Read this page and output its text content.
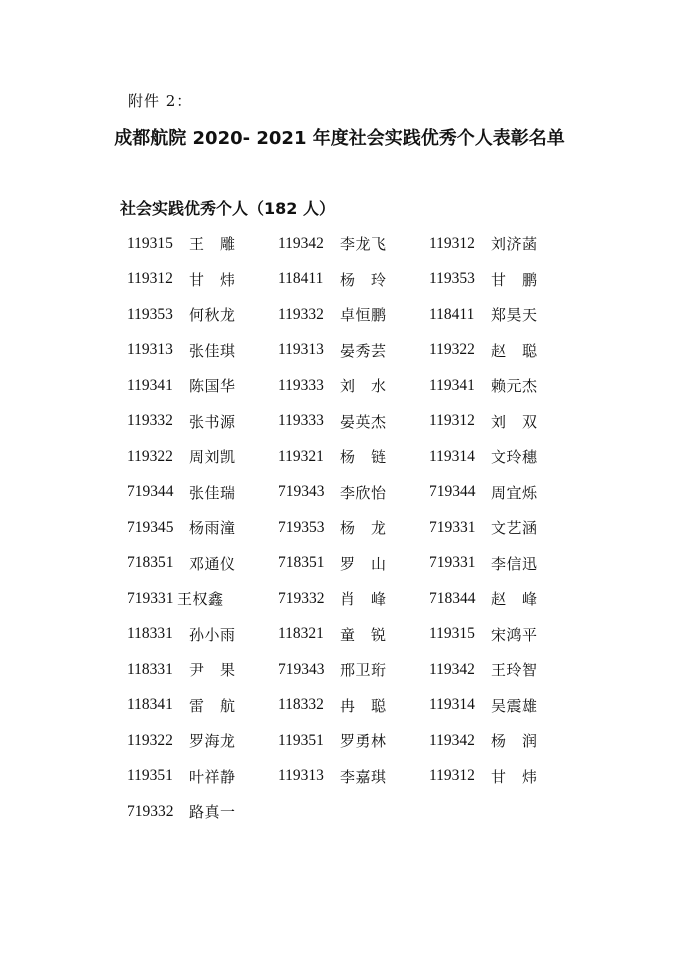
附件 2：
成都航院 2020- 2021 年度社会实践优秀个人表彰名单
社会实践优秀个人（182 人）
119315	王　雕	119342	李龙飞	119312	刘济菡
119312	甘　炜	118411	杨　玲	119353	甘　鹏
119353	何秋龙	119332	卓恒鹏	118411	郑昊天
119313	张佳琪	119313	晏秀芸	119322	赵　聪
119341	陈国华	119333	刘　水	119341	赖元杰
119332	张书源	119333	晏英杰	119312	刘　双
119322	周刘凯	119321	杨　链	119314	文玲穗
719344	张佳瑞	719343	李欣怡	719344	周宜烁
719345	杨雨潼	719353	杨　龙	719331	文艺涵
718351	邓通仪	718351	罗　山	719331	李信迅
719331 王权鑫	719332	肖　峰	718344	赵　峰
118331	孙小雨	118321	童　锐	119315	宋鸿平
118331	尹　果	719343	邢卫珩	119342	王玲智
118341	雷　航	118332	冉　聪	119314	吴震雄
119322	罗海龙	119351	罗勇林	119342	杨　润
119351	叶祥静	119313	李嘉琪	119312	甘　炜
719332	路真一
